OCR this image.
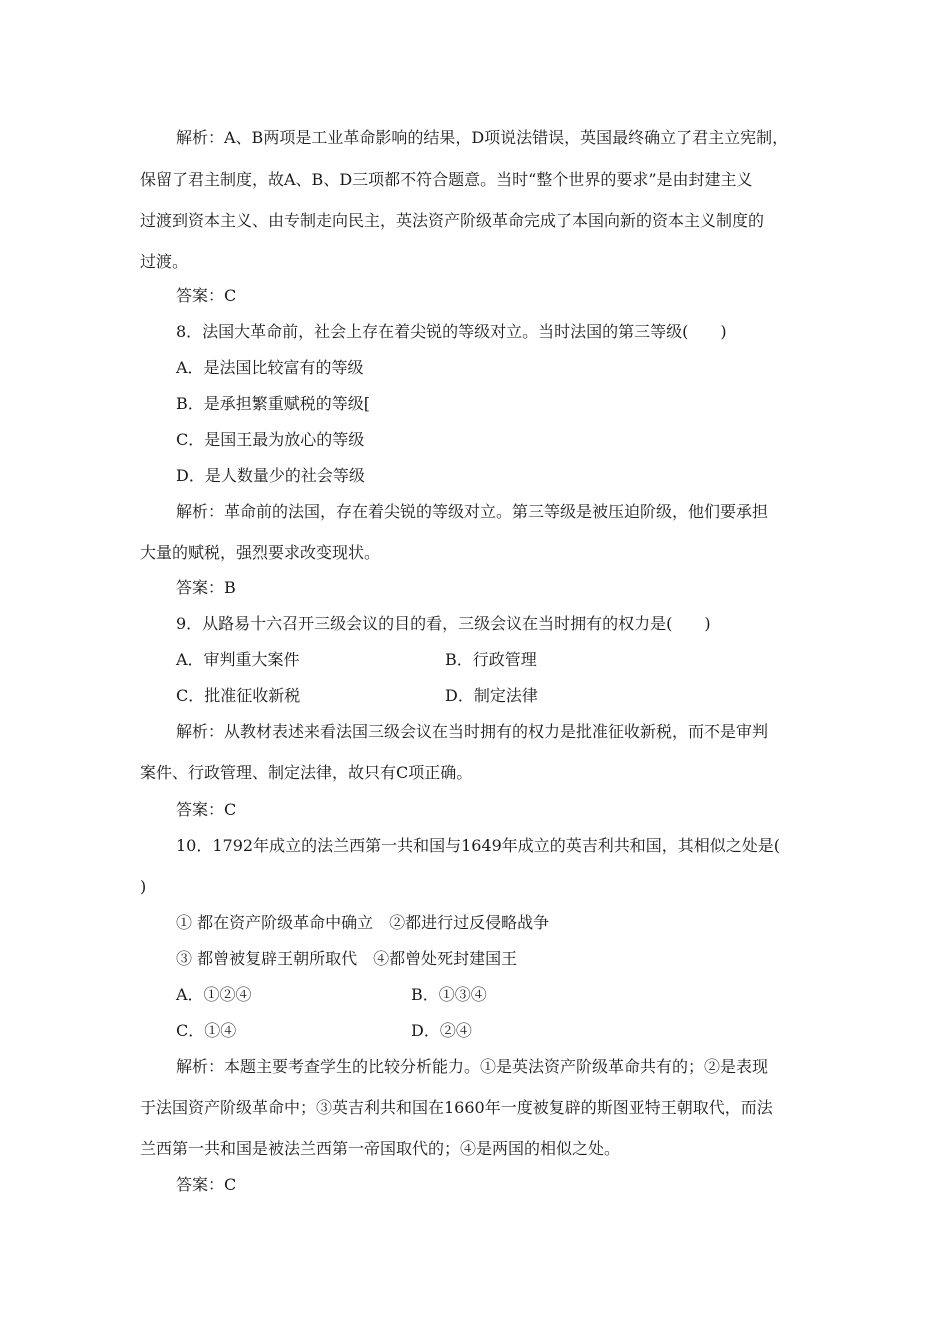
解析：A、B两项是工业革命影响的结果，D项说法错误，英国最终确立了君主立宪制，
保留了君主制度，故A、B、D三项都不符合题意。当时“整个世界的要求”是由封建主义
过渡到资本主义、由专制走向民主，英法资产阶级革命完成了本国向新的资本主义制度的
过渡。
答案：C
8．法国大革命前，社会上存在着尖锐的等级对立。当时法国的第三等级(　　)
A．是法国比较富有的等级
B．是承担繁重赋税的等级[
C．是国王最为放心的等级
D．是人数量少的社会等级
解析：革命前的法国，存在着尖锐的等级对立。第三等级是被压迫阶级，他们要承担
大量的赋税，强烈要求改变现状。
答案：B
9．从路易十六召开三级会议的目的看，三级会议在当时拥有的权力是(　　)
A．审判重大案件	B．行政管理
C．批准征收新税	D．制定法律
解析：从教材表述来看法国三级会议在当时拥有的权力是批准征收新税，而不是审判
案件、行政管理、制定法律，故只有C项正确。
答案：C
10．1792年成立的法兰西第一共和国与1649年成立的英吉利共和国，其相似之处是(
)
① 都在资产阶级革命中确立　②都进行过反侵略战争
③ 都曾被复辟王朝所取代　④都曾处死封建国王
A．①②④	B．①③④
C．①④	D．②④
解析：本题主要考查学生的比较分析能力。①是英法资产阶级革命共有的；②是表现
于法国资产阶级革命中；③英吉利共和国在1660年一度被复辟的斯图亚特王朝取代，而法
兰西第一共和国是被法兰西第一帝国取代的；④是两国的相似之处。
答案：C
